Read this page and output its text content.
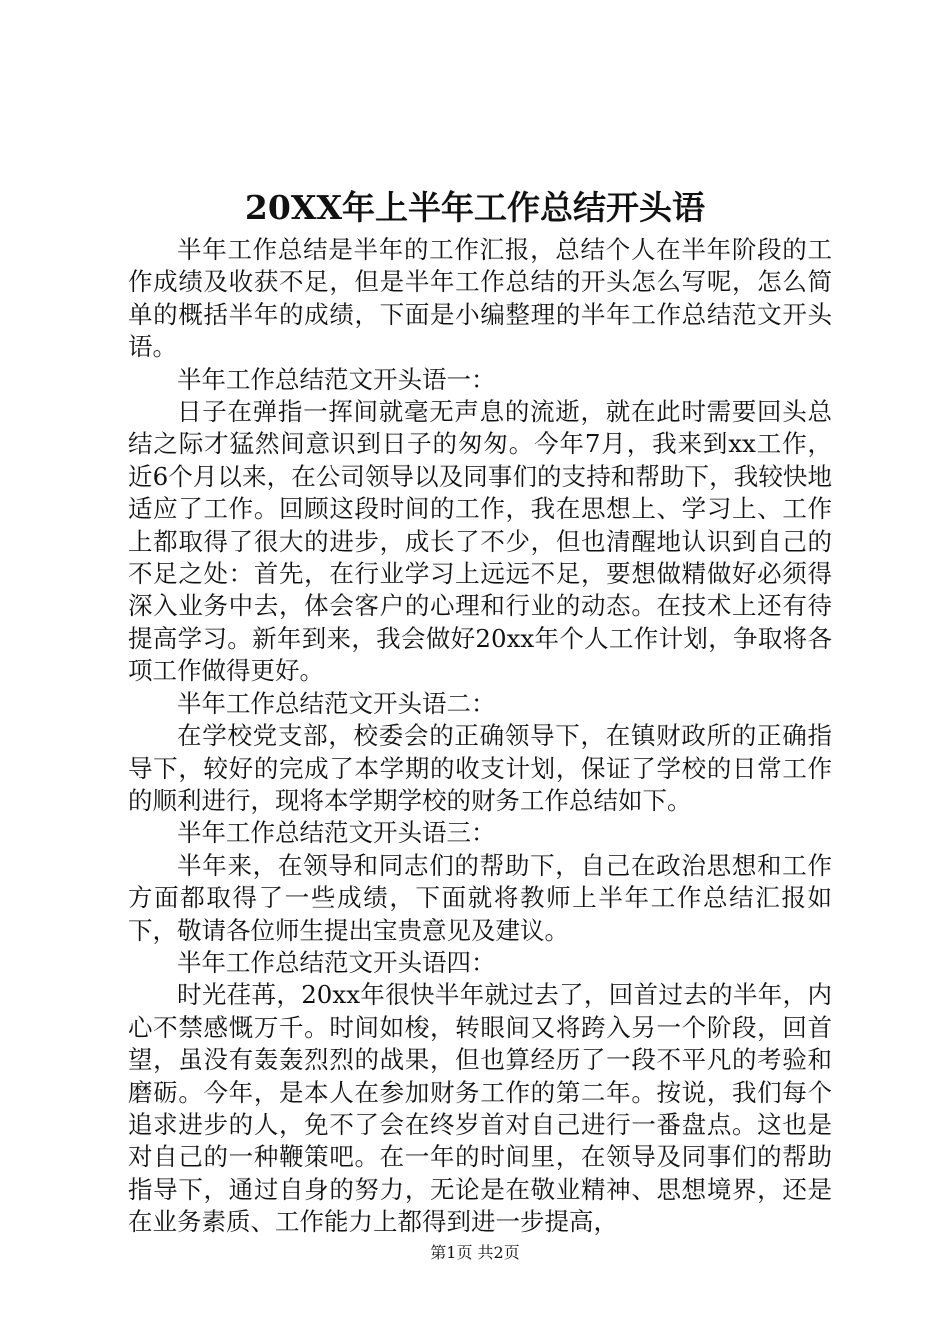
20XX年上半年工作总结开头语

半年工作总结是半年的工作汇报，总结个人在半年阶段的工作成绩及收获不足，但是半年工作总结的开头怎么写呢，怎么简单的概括半年的成绩，下面是小编整理的半年工作总结范文开头语。

半年工作总结范文开头语一：

日子在弹指一挥间就毫无声息的流逝，就在此时需要回头总结之际才猛然间意识到日子的匆匆。今年7月，我来到xx工作，近6个月以来，在公司领导以及同事们的支持和帮助下，我较快地适应了工作。回顾这段时间的工作，我在思想上、学习上、工作上都取得了很大的进步，成长了不少，但也清醒地认识到自己的不足之处：首先，在行业学习上远远不足，要想做精做好必须得深入业务中去，体会客户的心理和行业的动态。在技术上还有待提高学习。新年到来，我会做好20xx年个人工作计划，争取将各项工作做得更好。

半年工作总结范文开头语二：

在学校党支部，校委会的正确领导下，在镇财政所的正确指导下，较好的完成了本学期的收支计划，保证了学校的日常工作的顺利进行，现将本学期学校的财务工作总结如下。

半年工作总结范文开头语三：

半年来，在领导和同志们的帮助下，自己在政治思想和工作方面都取得了一些成绩，下面就将教师上半年工作总结汇报如下，敬请各位师生提出宝贵意见及建议。

半年工作总结范文开头语四：

时光荏苒，20xx年很快半年就过去了，回首过去的半年，内心不禁感慨万千。时间如梭，转眼间又将跨入另一个阶段，回首望，虽没有轰轰烈烈的战果，但也算经历了一段不平凡的考验和磨砺。今年，是本人在参加财务工作的第二年。按说，我们每个追求进步的人，免不了会在终岁首对自己进行一番盘点。这也是对自己的一种鞭策吧。在一年的时间里，在领导及同事们的帮助指导下，通过自身的努力，无论是在敬业精神、思想境界，还是在业务素质、工作能力上都得到进一步提高，

第1页 共2页
